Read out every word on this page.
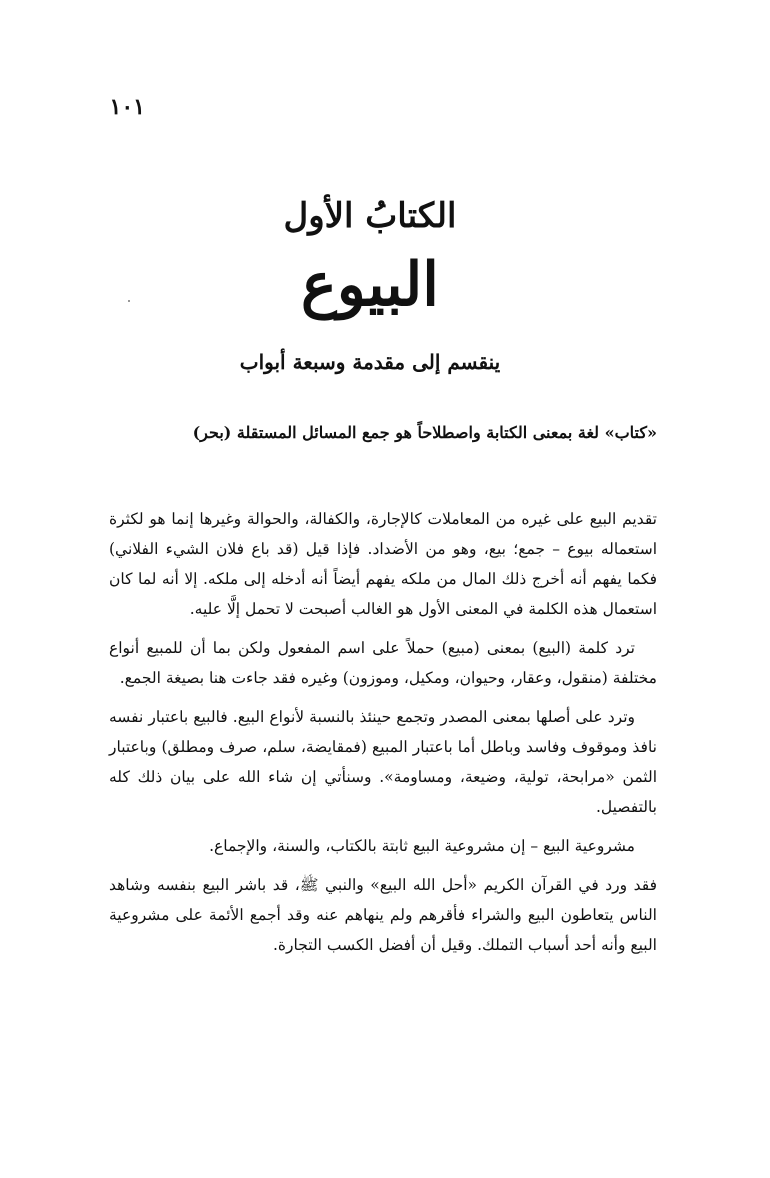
١٠١
الكتابُ الأول
البيوع
ينقسم إلى مقدمة وسبعة أبواب
«كتاب» لغة بمعنى الكتابة واصطلاحاً هو جمع المسائل المستقلة (بحر)

تقديم البيع على غيره من المعاملات كالإجارة، والكفالة، والحوالة وغيرها إنما هو لكثرة استعماله بيوع – جمع؛ بيع، وهو من الأضداد. فإذا قيل (قد باع فلان الشيء الفلاني) فكما يفهم أنه أخرج ذلك المال من ملكه يفهم أيضاً أنه أدخله إلى ملكه. إلا أنه لما كان استعمال هذه الكلمة في المعنى الأول هو الغالب أصبحت لا تحمل إلَّا عليه.

ترد كلمة (البيع) بمعنى (مبيع) حملاً على اسم المفعول ولكن بما أن للمبيع أنواع مختلفة (منقول، وعقار، وحيوان، ومكيل، وموزون) وغيره فقد جاءت هنا بصيغة الجمع.

وترد على أصلها بمعنى المصدر وتجمع حينئذ بالنسبة لأنواع البيع. فالبيع باعتبار نفسه نافذ وموقوف وفاسد وباطل أما باعتبار المبيع (فمقايضة، سلم، صرف ومطلق) وباعتبار الثمن «مرابحة، تولية، وضيعة، ومساومة». وسنأتي إن شاء الله على بيان ذلك كله بالتفصيل.

مشروعية البيع – إن مشروعية البيع ثابتة بالكتاب، والسنة، والإجماع.

فقد ورد في القرآن الكريم «أحل الله البيع» والنبي ﷺ، قد باشر البيع بنفسه وشاهد الناس يتعاطون البيع والشراء فأقرهم ولم ينهاهم عنه وقد أجمع الأئمة على مشروعية البيع وأنه أحد أسباب التملك. وقيل أن أفضل الكسب التجارة.
